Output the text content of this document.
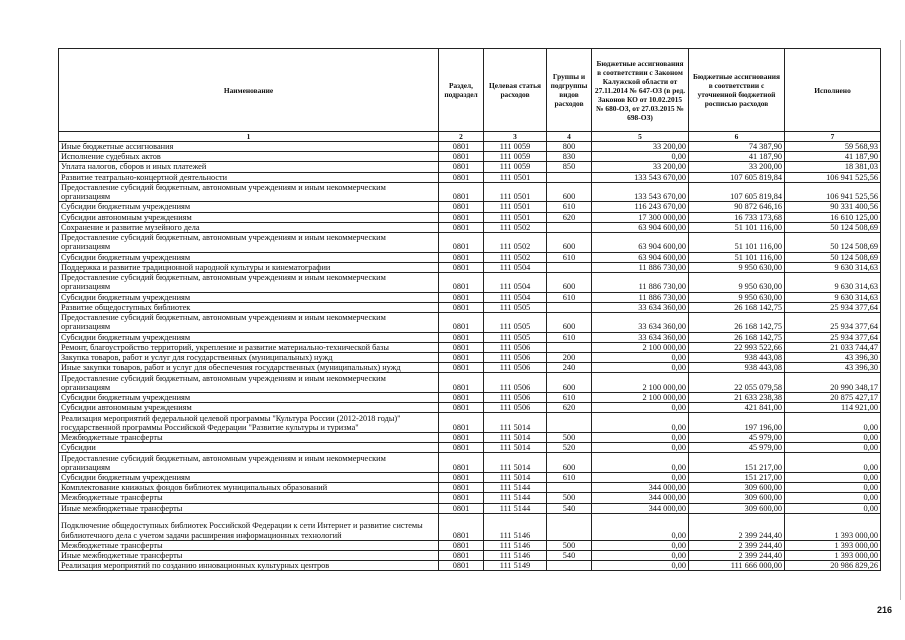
Наименование	Раздел, подраздел	Целевая статья расходов	Группы и подгруппы видов расходов	Бюджетные ассигнования в соответствии с Законом Калужской области от 27.11.2014 № 647-ОЗ (в ред. Законов КО от 10.02.2015 № 680-ОЗ, от 27.03.2015 № 698-ОЗ)	Бюджетные ассигнования в соответствии с уточненной бюджетной росписью расходов	Исполнено
1	2	3	4	5	6	7
Иные бюджетные ассигнования	0801	111 0059	800	33 200,00	74 387,90	59 568,93
Исполнение судебных актов	0801	111 0059	830	0,00	41 187,90	41 187,90
Уплата налогов, сборов и иных платежей	0801	111 0059	850	33 200,00	33 200,00	18 381,03
Развитие театрально-концертной деятельности	0801	111 0501		133 543 670,00	107 605 819,84	106 941 525,56
Предоставление субсидий бюджетным, автономным учреждениям и иным некоммерческим организациям	0801	111 0501	600	133 543 670,00	107 605 819,84	106 941 525,56
Субсидии бюджетным учреждениям	0801	111 0501	610	116 243 670,00	90 872 646,16	90 331 400,56
Субсидии автономным учреждениям	0801	111 0501	620	17 300 000,00	16 733 173,68	16 610 125,00
Сохранение и развитие музейного дела	0801	111 0502		63 904 600,00	51 101 116,00	50 124 508,69
Предоставление субсидий бюджетным, автономным учреждениям и иным некоммерческим организациям	0801	111 0502	600	63 904 600,00	51 101 116,00	50 124 508,69
Субсидии бюджетным учреждениям	0801	111 0502	610	63 904 600,00	51 101 116,00	50 124 508,69
Поддержка и развитие традиционной народной культуры и кинематографии	0801	111 0504		11 886 730,00	9 950 630,00	9 630 314,63
Предоставление субсидий бюджетным, автономным учреждениям и иным некоммерческим организациям	0801	111 0504	600	11 886 730,00	9 950 630,00	9 630 314,63
Субсидии бюджетным учреждениям	0801	111 0504	610	11 886 730,00	9 950 630,00	9 630 314,63
Развитие общедоступных библиотек	0801	111 0505		33 634 360,00	26 168 142,75	25 934 377,64
Предоставление субсидий бюджетным, автономным учреждениям и иным некоммерческим организациям	0801	111 0505	600	33 634 360,00	26 168 142,75	25 934 377,64
Субсидии бюджетным учреждениям	0801	111 0505	610	33 634 360,00	26 168 142,75	25 934 377,64
Ремонт, благоустройство территорий, укрепление и развитие материально-технической базы	0801	111 0506		2 100 000,00	22 993 522,66	21 033 744,47
Закупка товаров, работ и услуг для государственных (муниципальных) нужд	0801	111 0506	200	0,00	938 443,08	43 396,30
Иные закупки товаров, работ и услуг для обеспечения государственных (муниципальных) нужд	0801	111 0506	240	0,00	938 443,08	43 396,30
Предоставление субсидий бюджетным, автономным учреждениям и иным некоммерческим организациям	0801	111 0506	600	2 100 000,00	22 055 079,58	20 990 348,17
Субсидии бюджетным учреждениям	0801	111 0506	610	2 100 000,00	21 633 238,38	20 875 427,17
Субсидии автономным учреждениям	0801	111 0506	620	0,00	421 841,00	114 921,00
Реализация мероприятий федеральной целевой программы "Культура России (2012-2018 годы)" государственной программы Российской Федерации "Развитие культуры и туризма"	0801	111 5014		0,00	197 196,00	0,00
Межбюджетные трансферты	0801	111 5014	500	0,00	45 979,00	0,00
Субсидии	0801	111 5014	520	0,00	45 979,00	0,00
Предоставление субсидий бюджетным, автономным учреждениям и иным некоммерческим организациям	0801	111 5014	600	0,00	151 217,00	0,00
Субсидии бюджетным учреждениям	0801	111 5014	610	0,00	151 217,00	0,00
Комплектование книжных фондов библиотек муниципальных образований	0801	111 5144		344 000,00	309 600,00	0,00
Межбюджетные трансферты	0801	111 5144	500	344 000,00	309 600,00	0,00
Иные межбюджетные трансферты	0801	111 5144	540	344 000,00	309 600,00	0,00
Подключение общедоступных библиотек Российской Федерации к сети Интернет и развитие системы библиотечного дела с учетом задачи расширения информационных технологий	0801	111 5146		0,00	2 399 244,40	1 393 000,00
Межбюджетные трансферты	0801	111 5146	500	0,00	2 399 244,40	1 393 000,00
Иные межбюджетные трансферты	0801	111 5146	540	0,00	2 399 244,40	1 393 000,00
Реализация мероприятий по созданию инновационных культурных центров	0801	111 5149		0,00	111 666 000,00	20 986 829,26
216
